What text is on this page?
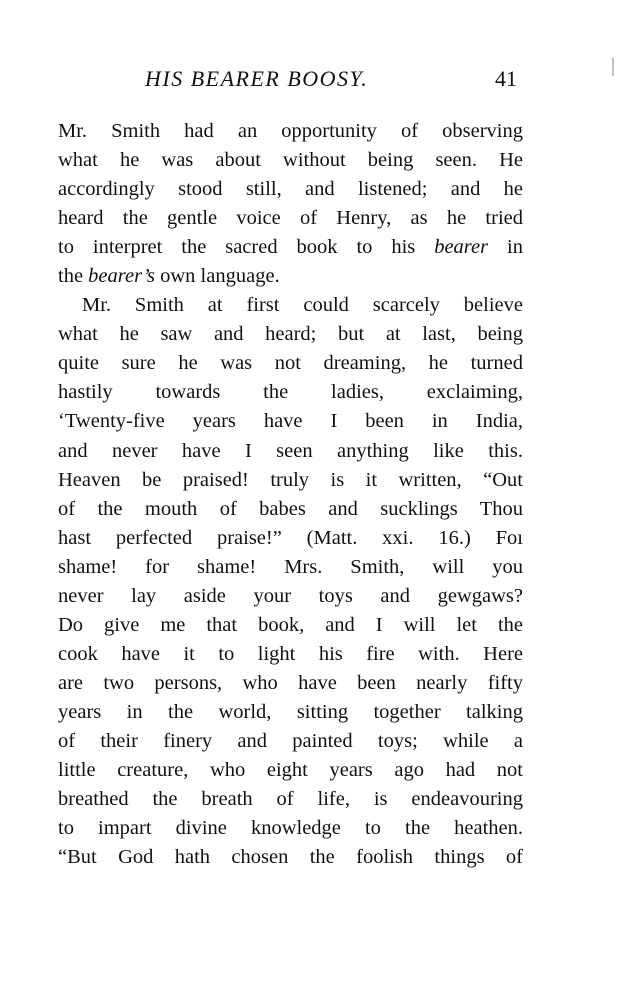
HIS BEARER BOOSY.	41
Mr. Smith had an opportunity of observing
what he was about without being seen. He
accordingly stood still, and listened; and he
heard the gentle voice of Henry, as he tried
to interpret the sacred book to his bearer in
the bearer’s own language.
Mr. Smith at first could scarcely believe
what he saw and heard; but at last, being
quite sure he was not dreaming, he turned
hastily towards the ladies, exclaiming,
‘Twenty-five years have I been in India,
and never have I seen anything like this.
Heaven be praised! truly is it written, “Out
of the mouth of babes and sucklings Thou
hast perfected praise!” (Matt. xxi. 16.) Foı
shame! for shame! Mrs. Smith, will you
never lay aside your toys and gewgaws?
Do give me that book, and I will let the
cook have it to light his fire with. Here
are two persons, who have been nearly fifty
years in the world, sitting together talking
of their finery and painted toys; while a
little creature, who eight years ago had not
breathed the breath of life, is endeavouring
to impart divine knowledge to the heathen.
“But God hath chosen the foolish things of
